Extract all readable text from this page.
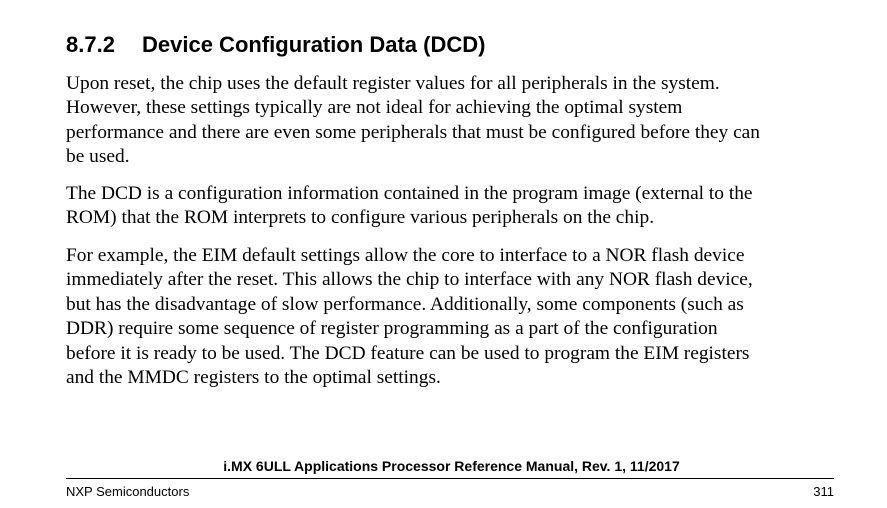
8.7.2 Device Configuration Data (DCD)

Upon reset, the chip uses the default register values for all peripherals in the system.
However, these settings typically are not ideal for achieving the optimal system
performance and there are even some peripherals that must be configured before they can
be used.

The DCD is a configuration information contained in the program image (external to the
ROM) that the ROM interprets to configure various peripherals on the chip.

For example, the EIM default settings allow the core to interface to a NOR flash device
immediately after the reset. This allows the chip to interface with any NOR flash device,
but has the disadvantage of slow performance. Additionally, some components (such as
DDR) require some sequence of register programming as a part of the configuration
before it is ready to be used. The DCD feature can be used to program the EIM registers
and the MMDC registers to the optimal settings.

i.MX 6ULL Applications Processor Reference Manual, Rev. 1, 11/2017
NXP Semiconductors	311
